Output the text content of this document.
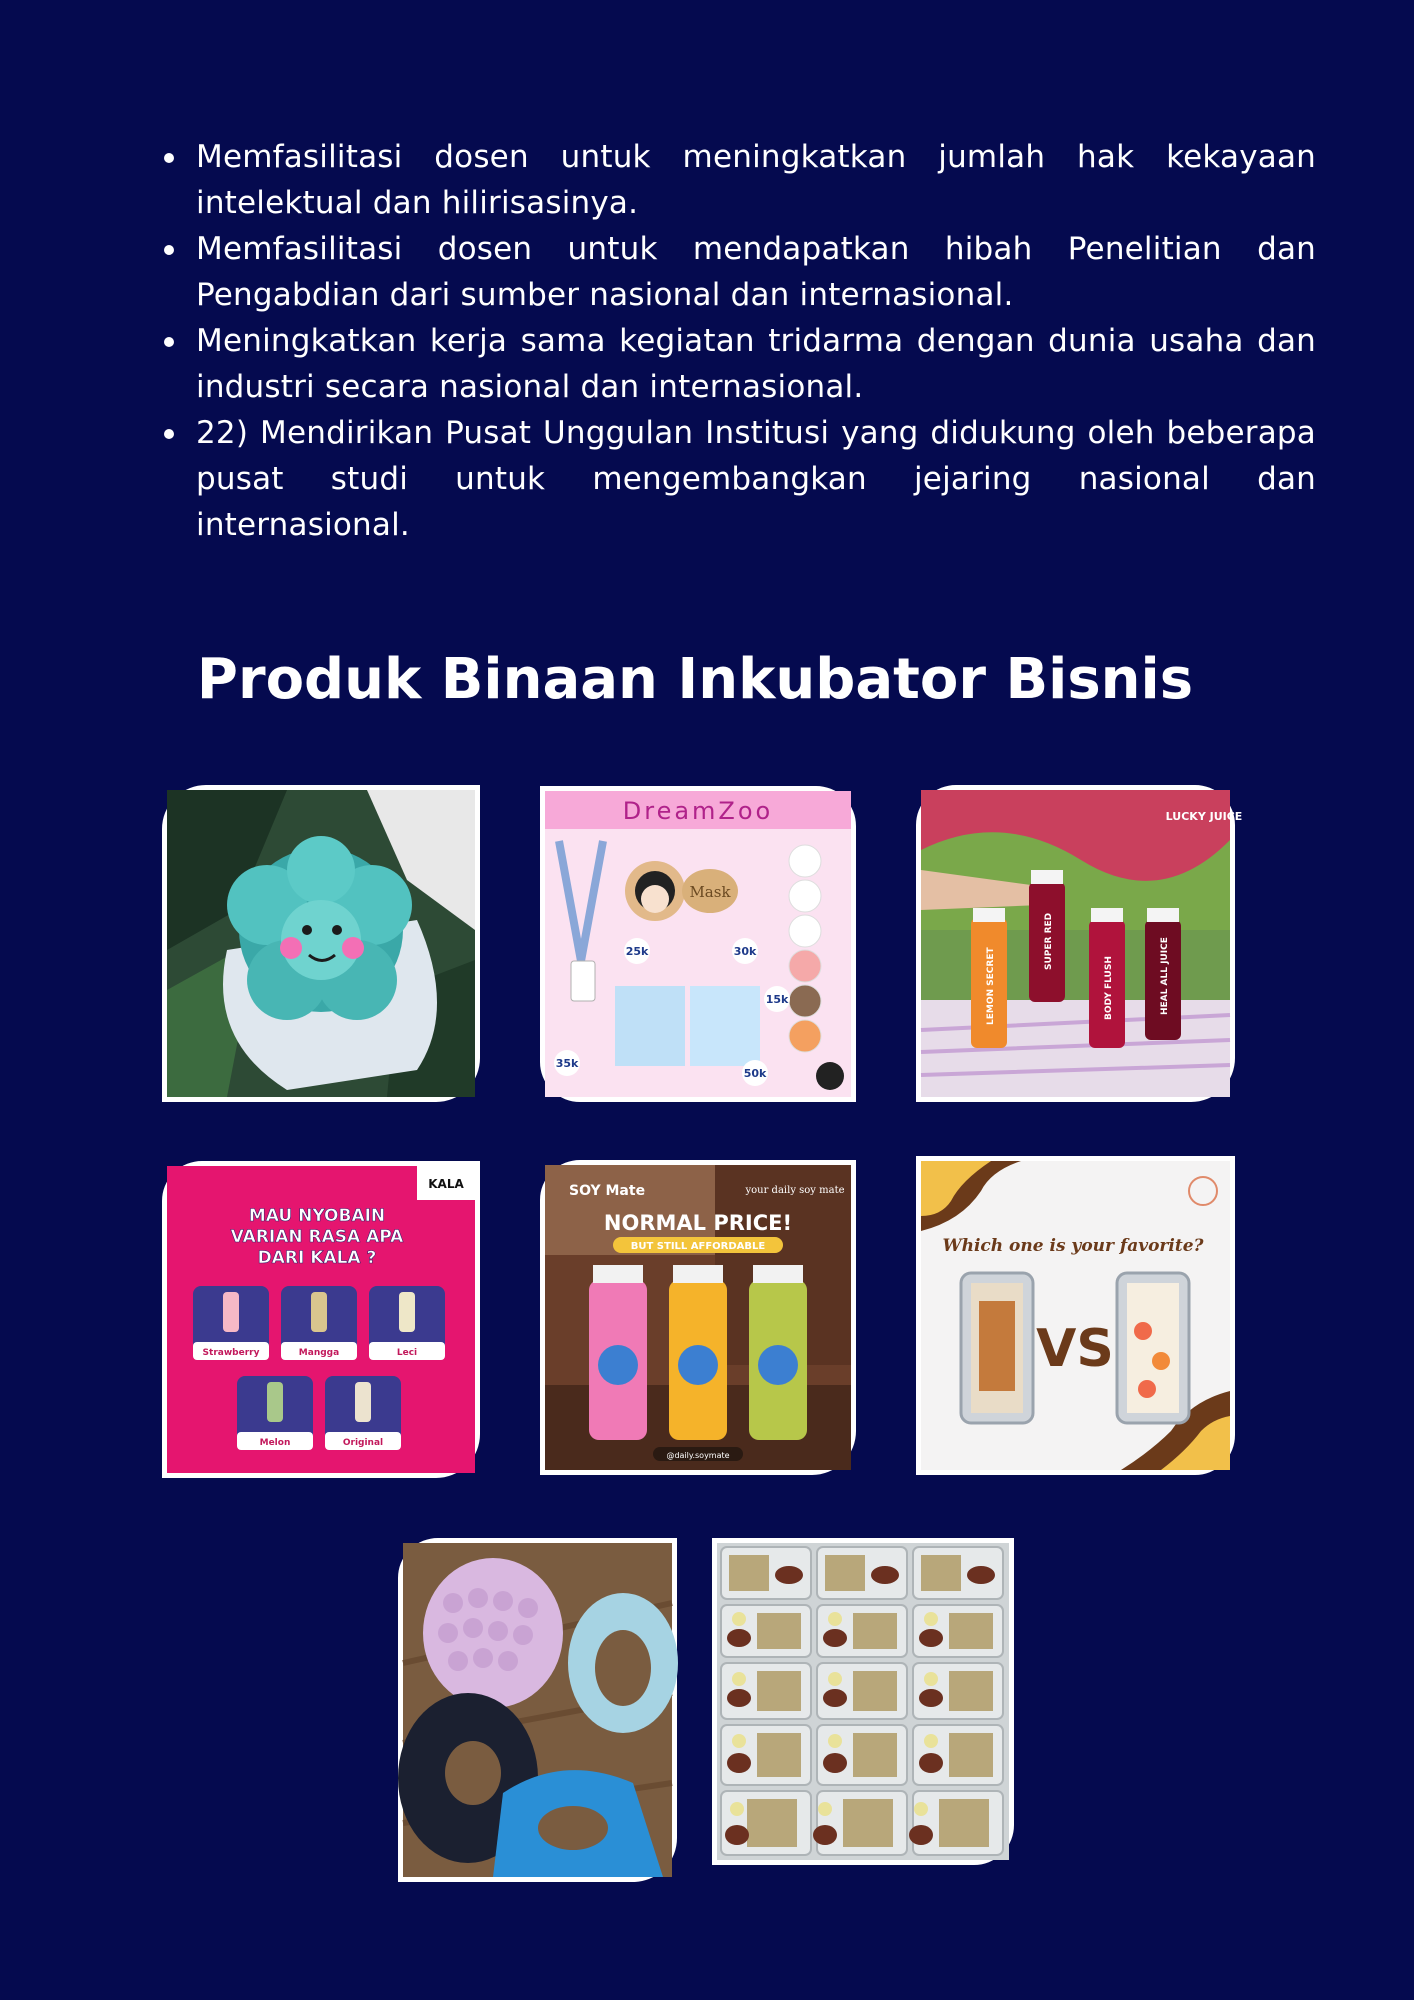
Memfasilitasi dosen untuk meningkatkan jumlah hak kekayaan intelektual dan hilirisasinya.
Memfasilitasi dosen untuk mendapatkan hibah Penelitian dan Pengabdian dari sumber nasional dan internasional.
Meningkatkan kerja sama kegiatan tridarma dengan dunia usaha dan industri secara nasional dan internasional.
22) Mendirikan Pusat Unggulan Institusi yang didukung oleh beberapa pusat studi untuk mengembangkan jejaring nasional dan internasional.
Produk Binaan Inkubator Bisnis
DreamZoo
Mask
25k	30k
15k
35k
50k
LUCKY JUICE
LEMON SECRET
SUPER RED
BODY FLUSH	HEAL ALL JUICE
KALA
MAU NYOBAIN
VARIAN RASA APA
DARI KALA ?
Strawberry	Mangga	Leci
Melon	Original
SOY Mate	your daily soy mate
NORMAL PRICE!
BUT STILL AFFORDABLE
@daily.soymate
Which one is your favorite?
VS
